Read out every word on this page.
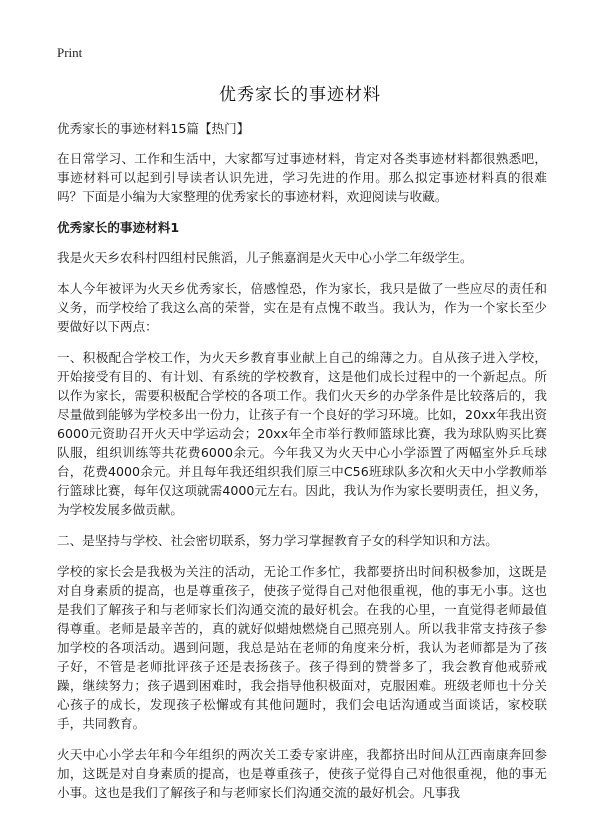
Print
优秀家长的事迹材料

优秀家长的事迹材料15篇【热门】

在日常学习、工作和生活中，大家都写过事迹材料，肯定对各类事迹材料都很熟悉吧，事迹材料可以起到引导读者认识先进，学习先进的作用。那么拟定事迹材料真的很难吗？下面是小编为大家整理的优秀家长的事迹材料，欢迎阅读与收藏。

优秀家长的事迹材料1

我是火天乡农科村四组村民熊滔，儿子熊嘉润是火天中心小学二年级学生。

本人今年被评为火天乡优秀家长，倍感惶恐，作为家长，我只是做了一些应尽的责任和义务，而学校给了我这么高的荣誉，实在是有点愧不敢当。我认为，作为一个家长至少要做好以下两点：

一、积极配合学校工作，为火天乡教育事业献上自己的绵薄之力。自从孩子进入学校，开始接受有目的、有计划、有系统的学校教育，这是他们成长过程中的一个新起点。所以作为家长，需要积极配合学校的各项工作。我们火天乡的办学条件是比较落后的，我尽量做到能够为学校多出一份力，让孩子有一个良好的学习环境。比如，20xx年我出资6000元资助召开火天中学运动会；20xx年全市举行教师篮球比赛，我为球队购买比赛队服，组织训练等共花费6000余元。今年我又为火天中心小学添置了两幅室外乒乓球台，花费4000余元。并且每年我还组织我们原三中C56班球队多次和火天中小学教师举行篮球比赛，每年仅这项就需4000元左右。因此，我认为作为家长要明责任，担义务，为学校发展多做贡献。

二、是坚持与学校、社会密切联系，努力学习掌握教育子女的科学知识和方法。

学校的家长会是我极为关注的活动，无论工作多忙，我都要挤出时间积极参加，这既是对自身素质的提高，也是尊重孩子，使孩子觉得自己对他很重视，他的事无小事。这也是我们了解孩子和与老师家长们沟通交流的最好机会。在我的心里，一直觉得老师最值得尊重。老师是最辛苦的，真的就好似蜡烛燃烧自己照亮别人。所以我非常支持孩子参加学校的各项活动。遇到问题，我总是站在老师的角度来分析，我认为老师都是为了孩子好，不管是老师批评孩子还是表扬孩子。孩子得到的赞誉多了，我会教育他戒骄戒躁，继续努力；孩子遇到困难时，我会指导他积极面对，克服困难。班级老师也十分关心孩子的成长，发现孩子松懈或有其他问题时，我们会电话沟通或当面谈话，家校联手，共同教育。

火天中心小学去年和今年组织的两次关工委专家讲座，我都挤出时间从江西南康奔回参加，这既是对自身素质的提高，也是尊重孩子，使孩子觉得自己对他很重视，他的事无小事。这也是我们了解孩子和与老师家长们沟通交流的最好机会。凡事我
